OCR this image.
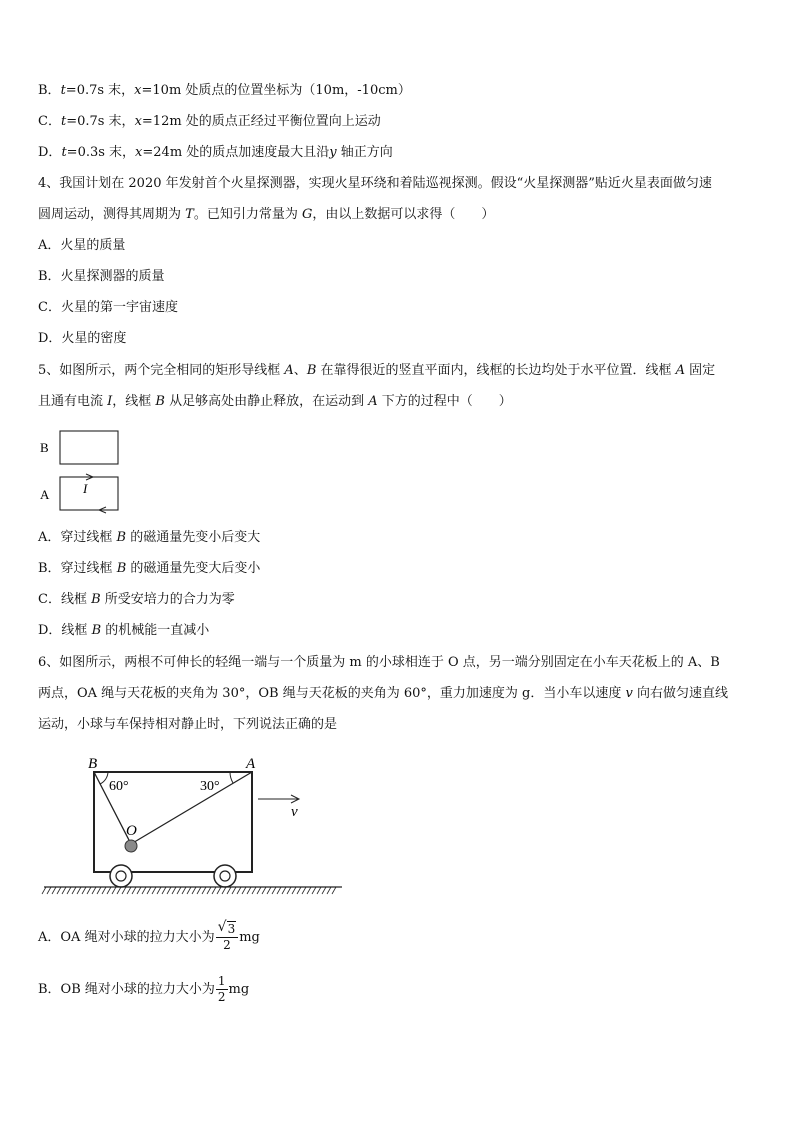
B．t=0.7s 末，x=10m 处质点的位置坐标为（10m，-10cm）
C．t=0.7s 末，x=12m 处的质点正经过平衡位置向上运动
D．t=0.3s 末，x=24m 处的质点加速度最大且沿y 轴正方向
4、我国计划在 2020 年发射首个火星探测器，实现火星环绕和着陆巡视探测。假设“火星探测器”贴近火星表面做匀速
圆周运动，测得其周期为 T。已知引力常量为 G，由以上数据可以求得（　　）
A．火星的质量
B．火星探测器的质量
C．火星的第一宇宙速度
D．火星的密度
5、如图所示，两个完全相同的矩形导线框 A、B 在靠得很近的竖直平面内，线框的长边均处于水平位置．线框 A 固定
且通有电流 I，线框 B 从足够高处由静止释放，在运动到 A 下方的过程中（　　）
B
A	I
A．穿过线框 B 的磁通量先变小后变大
B．穿过线框 B 的磁通量先变大后变小
C．线框 B 所受安培力的合力为零
D．线框 B 的机械能一直减小
6、如图所示，两根不可伸长的轻绳一端与一个质量为 m 的小球相连于 O 点，另一端分别固定在小车天花板上的 A、B
两点，OA 绳与天花板的夹角为 30°，OB 绳与天花板的夹角为 60°，重力加速度为 g．当小车以速度 v 向右做匀速直线
运动，小球与车保持相对静止时，下列说法正确的是
B	A
60°	30°
O
v
A．OA 绳对小球的拉力大小为 $\frac{√ 3}{2}$ mg
B．OB 绳对小球的拉力大小为 $\frac{1}{2}$ mg
